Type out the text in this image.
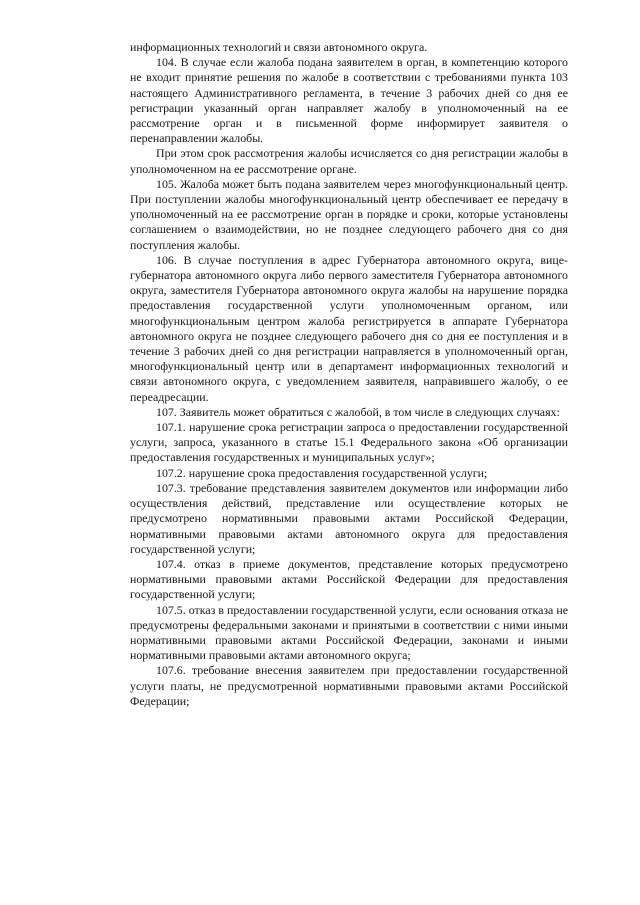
информационных технологий и связи автономного округа.

104. В случае если жалоба подана заявителем в орган, в компетенцию которого не входит принятие решения по жалобе в соответствии с требованиями пункта 103 настоящего Административного регламента, в течение 3 рабочих дней со дня ее регистрации указанный орган направляет жалобу в уполномоченный на ее рассмотрение орган и в письменной форме информирует заявителя о перенаправлении жалобы.

При этом срок рассмотрения жалобы исчисляется со дня регистрации жалобы в уполномоченном на ее рассмотрение органе.

105. Жалоба может быть подана заявителем через многофункциональный центр. При поступлении жалобы многофункциональный центр обеспечивает ее передачу в уполномоченный на ее рассмотрение орган в порядке и сроки, которые установлены соглашением о взаимодействии, но не позднее следующего рабочего дня со дня поступления жалобы.

106. В случае поступления в адрес Губернатора автономного округа, вице-губернатора автономного округа либо первого заместителя Губернатора автономного округа, заместителя Губернатора автономного округа жалобы на нарушение порядка предоставления государственной услуги уполномоченным органом, или многофункциональным центром жалоба регистрируется в аппарате Губернатора автономного округа не позднее следующего рабочего дня со дня ее поступления и в течение 3 рабочих дней со дня регистрации направляется в уполномоченный орган, многофункциональный центр или в департамент информационных технологий и связи автономного округа, с уведомлением заявителя, направившего жалобу, о ее переадресации.

107. Заявитель может обратиться с жалобой, в том числе в следующих случаях:

107.1. нарушение срока регистрации запроса о предоставлении государственной услуги, запроса, указанного в статье 15.1 Федерального закона «Об организации предоставления государственных и муниципальных услуг»;

107.2. нарушение срока предоставления государственной услуги;

107.3. требование представления заявителем документов или информации либо осуществления действий, представление или осуществление которых не предусмотрено нормативными правовыми актами Российской Федерации, нормативными правовыми актами автономного округа для предоставления государственной услуги;

107.4. отказ в приеме документов, представление которых предусмотрено нормативными правовыми актами Российской Федерации для предоставления государственной услуги;

107.5. отказ в предоставлении государственной услуги, если основания отказа не предусмотрены федеральными законами и принятыми в соответствии с ними иными нормативными правовыми актами Российской Федерации, законами и иными нормативными правовыми актами автономного округа;

107.6. требование внесения заявителем при предоставлении государственной услуги платы, не предусмотренной нормативными правовыми актами Российской Федерации;
